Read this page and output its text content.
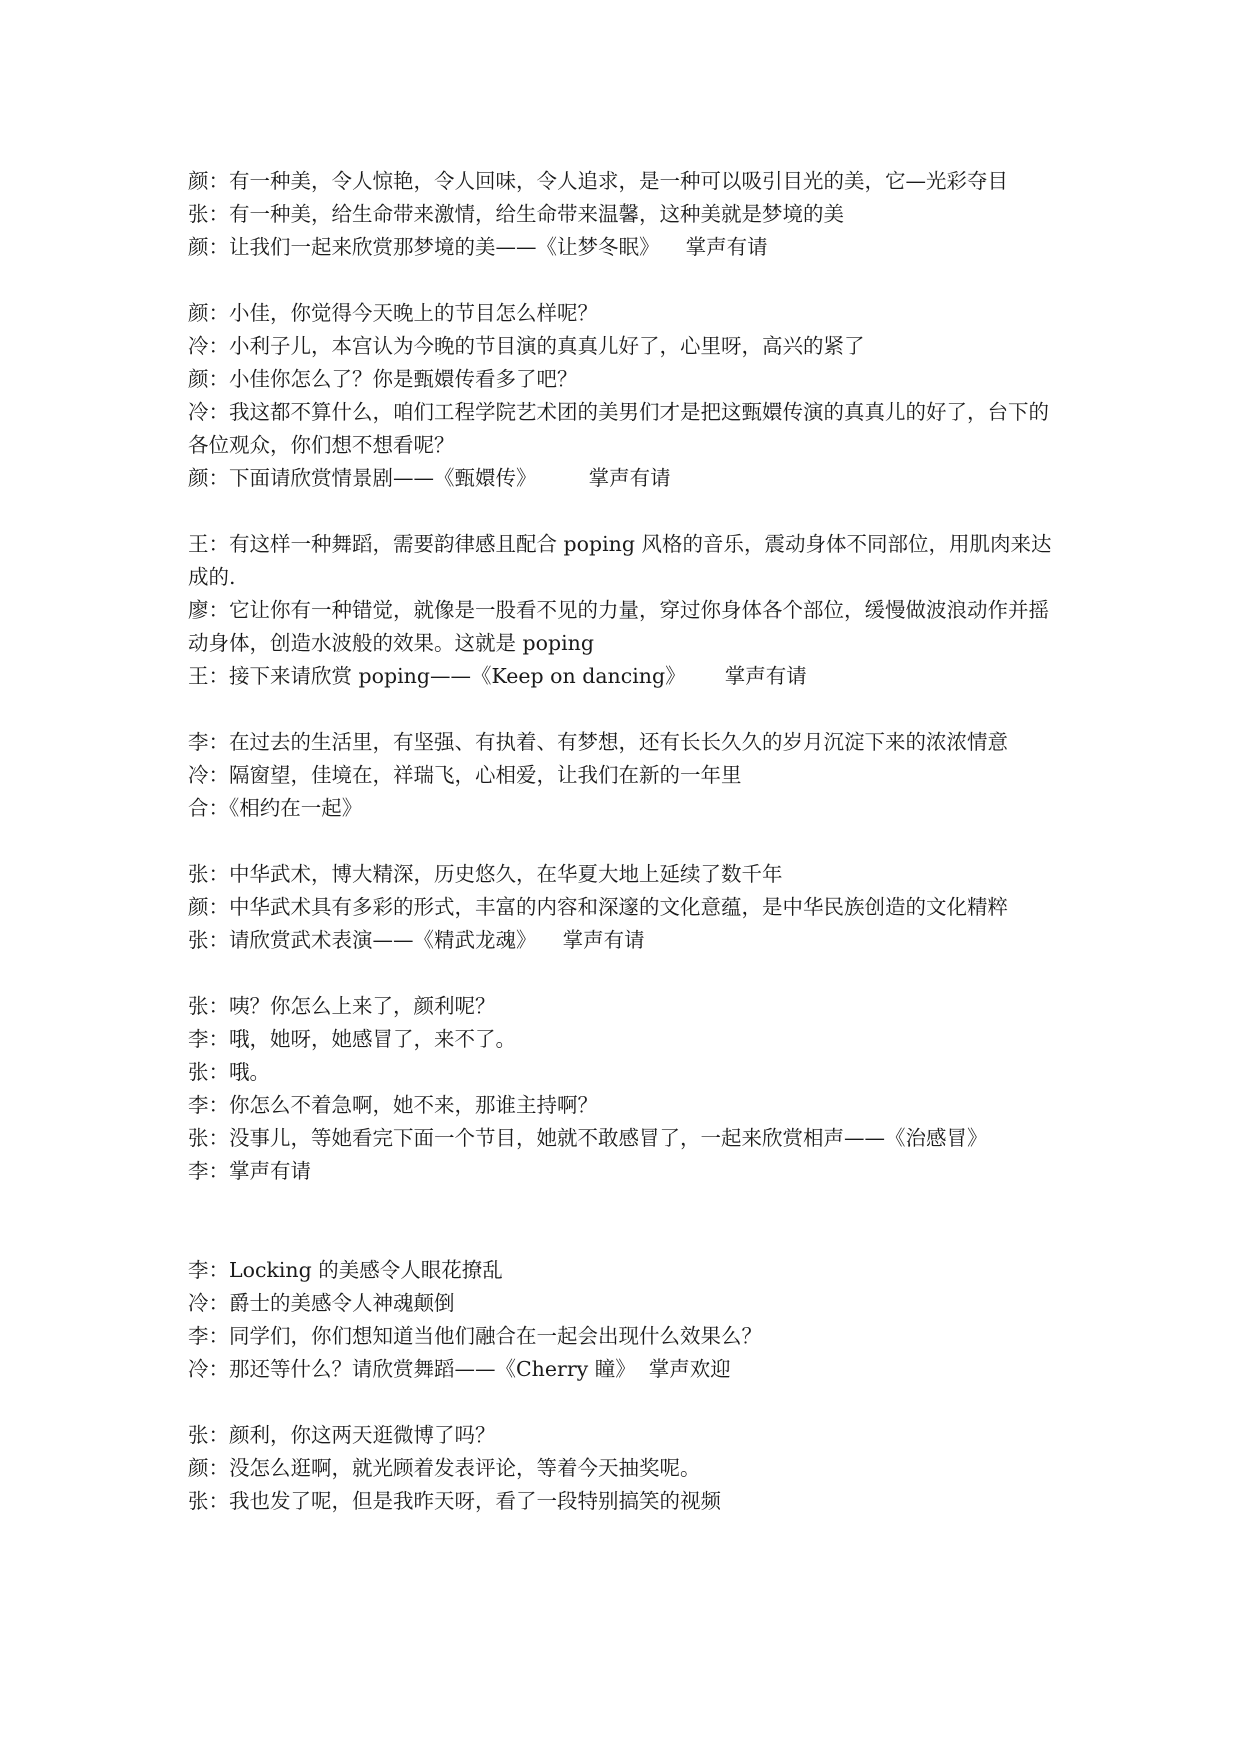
颜：有一种美，令人惊艳，令人回味，令人追求，是一种可以吸引目光的美，它—光彩夺目

张：有一种美，给生命带来激情，给生命带来温馨，这种美就是梦境的美

颜：让我们一起来欣赏那梦境的美——《让梦冬眠》    掌声有请

颜：小佳，你觉得今天晚上的节目怎么样呢？

冷：小利子儿，本宫认为今晚的节目演的真真儿好了，心里呀，高兴的紧了

颜：小佳你怎么了？你是甄嬛传看多了吧？

冷：我这都不算什么，咱们工程学院艺术团的美男们才是把这甄嬛传演的真真儿的好了，台下的各位观众，你们想不想看呢？

颜：下面请欣赏情景剧——《甄嬛传》        掌声有请

王：有这样一种舞蹈，需要韵律感且配合 poping 风格的音乐，震动身体不同部位，用肌肉来达成的.

廖：它让你有一种错觉，就像是一股看不见的力量，穿过你身体各个部位，缓慢做波浪动作并摇动身体，创造水波般的效果。这就是 poping

王：接下来请欣赏 poping——《Keep on dancing》      掌声有请

李：在过去的生活里，有坚强、有执着、有梦想，还有长长久久的岁月沉淀下来的浓浓情意

冷：隔窗望，佳境在，祥瑞飞，心相爱，让我们在新的一年里

合：《相约在一起》

张：中华武术，博大精深，历史悠久，在华夏大地上延续了数千年

颜：中华武术具有多彩的形式，丰富的内容和深邃的文化意蕴，是中华民族创造的文化精粹

张：请欣赏武术表演——《精武龙魂》    掌声有请

张：咦？你怎么上来了，颜利呢？

李：哦，她呀，她感冒了，来不了。

张：哦。

李：你怎么不着急啊，她不来，那谁主持啊？

张：没事儿，等她看完下面一个节目，她就不敢感冒了，一起来欣赏相声——《治感冒》

李：掌声有请

李：Locking 的美感令人眼花撩乱

冷：爵士的美感令人神魂颠倒

李：同学们，你们想知道当他们融合在一起会出现什么效果么？

冷：那还等什么？请欣赏舞蹈——《Cherry 瞳》  掌声欢迎

张：颜利，你这两天逛微博了吗？

颜：没怎么逛啊，就光顾着发表评论，等着今天抽奖呢。

张：我也发了呢，但是我昨天呀，看了一段特别搞笑的视频
